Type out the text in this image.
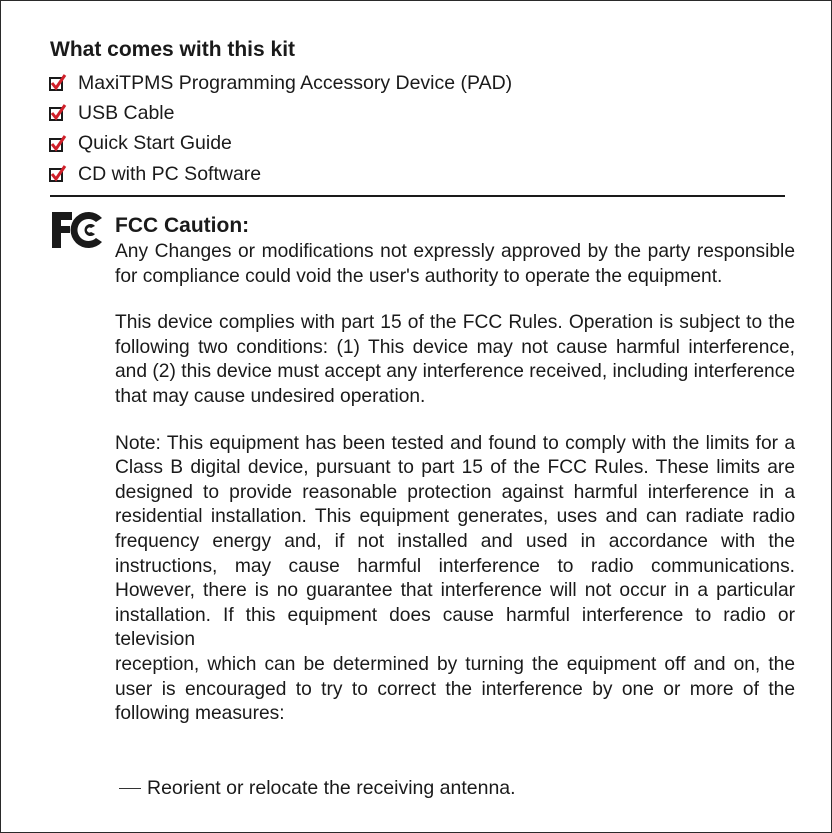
What comes with this kit
MaxiTPMS Programming Accessory Device (PAD)
USB Cable
Quick Start Guide
CD with PC Software
FCC Caution:

Any Changes or modifications not expressly approved by the party responsible for compliance could void the user's authority to operate the equipment.

This device complies with part 15 of the FCC Rules. Operation is subject to the following two conditions: (1) This device may not cause harmful interference, and (2) this device must accept any interference received, including interference that may cause undesired operation.

Note: This equipment has been tested and found to comply with the limits for a Class B digital device, pursuant to part 15 of the FCC Rules. These limits are designed to provide reasonable protection against harmful interference in a residential installation. This equipment generates, uses and can radiate radio frequency energy and, if not installed and used in accordance with the instructions, may cause harmful interference to radio communications. However, there is no guarantee that interference will not occur in a particular installation. If this equipment does cause harmful interference to radio or television

reception, which can be determined by turning the equipment off and on, the user is encouraged to try to correct the interference by one or more of the following measures:

Reorient or relocate the receiving antenna.
